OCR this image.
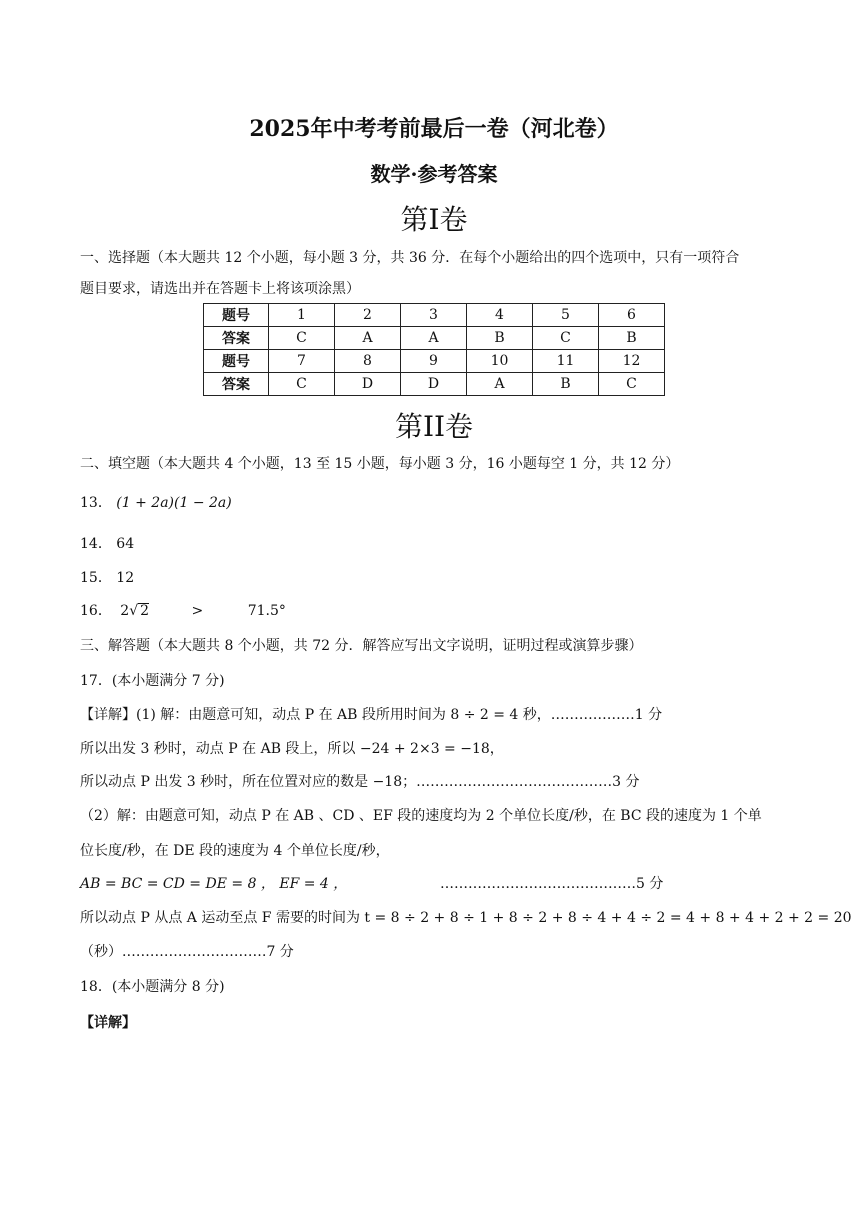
2025年中考考前最后一卷（河北卷）
数学·参考答案
第I卷
一、选择题（本大题共 12 个小题，每小题 3 分，共 36 分．在每个小题给出的四个选项中，只有一项符合
题目要求，请选出并在答题卡上将该项涂黑）
题号	1	2	3	4	5	6
答案	C	A	A	B	C	B
题号	7	8	9	10	11	12
答案	C	D	D	A	B	C
第II卷
二、填空题（本大题共 4 个小题，13 至 15 小题，每小题 3 分，16 小题每空 1 分，共 12 分）
13． (1 + 2a)(1 − 2a)
14． 64
15． 12
16． 2√ 2	>	71.5°
三、解答题（本大题共 8 个小题，共 72 分．解答应写出文字说明，证明过程或演算步骤）
17．(本小题满分 7 分)
【详解】(1) 解：由题意可知，动点 P 在 AB 段所用时间为 8 ÷ 2 = 4 秒，………………1 分
所以出发 3 秒时，动点 P 在 AB 段上，所以 −24 + 2×3 = −18，
所以动点 P 出发 3 秒时，所在位置对应的数是 −18；……………………………………3 分
（2）解：由题意可知，动点 P 在 AB 、CD 、EF 段的速度均为 2 个单位长度/秒，在 BC 段的速度为 1 个单
位长度/秒，在 DE 段的速度为 4 个单位长度/秒，
AB = BC = CD = DE = 8 ， EF = 4 ，	……………………………………5 分
所以动点 P 从点 A 运动至点 F 需要的时间为 t = 8 ÷ 2 + 8 ÷ 1 + 8 ÷ 2 + 8 ÷ 4 + 4 ÷ 2 = 4 + 8 + 4 + 2 + 2 = 20
（秒）.…………………………7 分
18．(本小题满分 8 分)
【详解】
